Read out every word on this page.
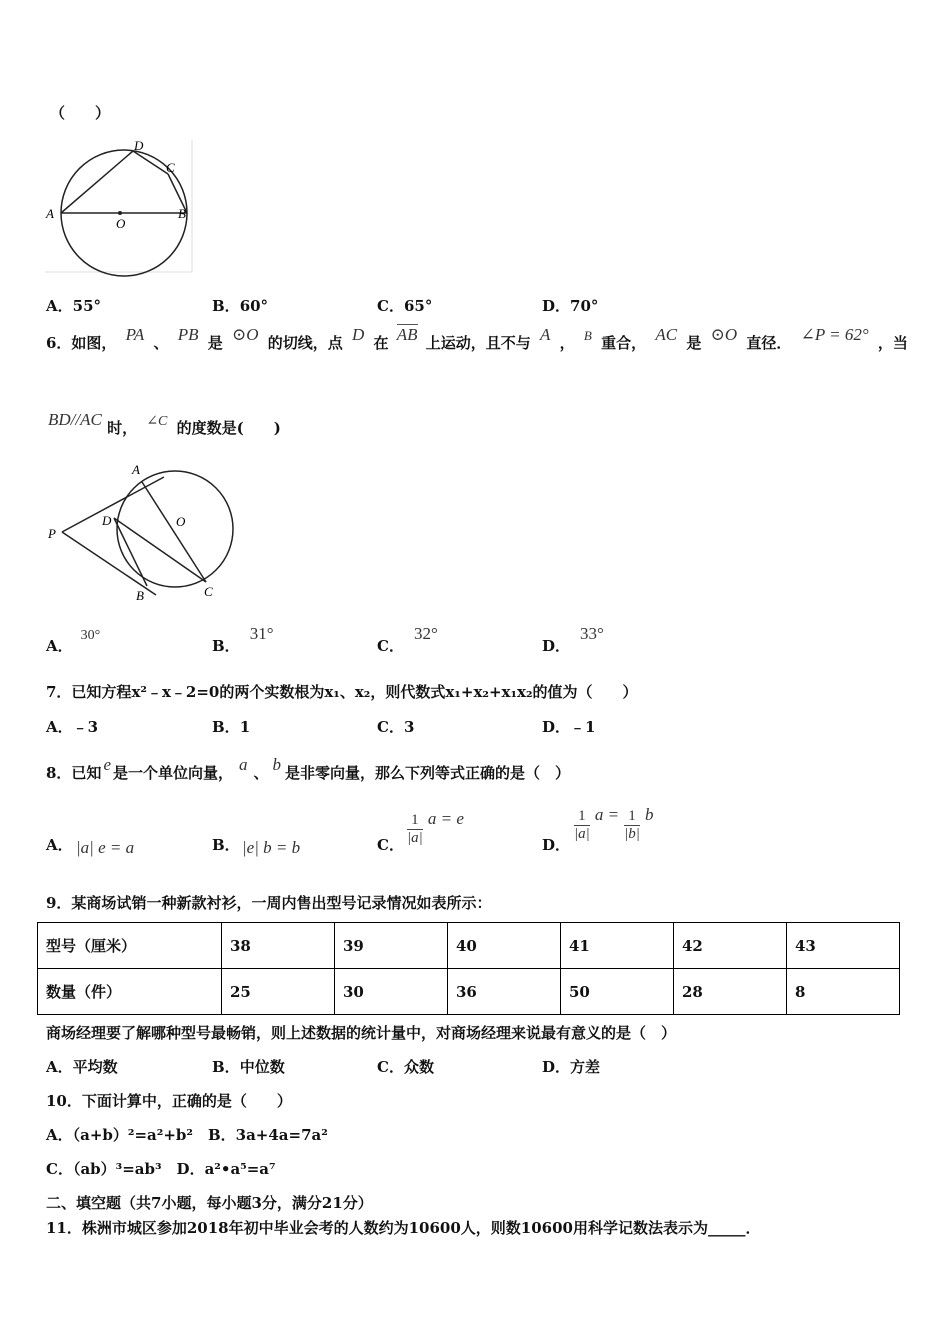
（　　）
A	B
C
D
O
A．55°	B．60°	C．65°	D．70°
6．如图， PA 、 PB 是 ⊙O 的切线，点 D 在 AB 上运动，且不与 A ， B 重合， AC 是 ⊙O 直径． ∠P = 62° ，当
BD//AC 时， ∠C 的度数是(　　)
P
A
D	O
B	C
A．30°
B．31°
C．32°
D．33°
7．已知方程x²﹣x﹣2=0的两个实数根为x₁、x₂，则代数式x₁+x₂+x₁x₂的值为（　　）
A．﹣3	B．1	C．3	D．﹣1
8．已知 e 是一个单位向量， a 、 b 是非零向量，那么下列等式正确的是（　）
A． |a| e = a	B． |e| b = b	C． $\frac{1}{|a|}$ a = e
D．
$\frac{1}{|a|}$ $a = \frac{1}{|b|}$ b
9．某商场试销一种新款衬衫，一周内售出型号记录情况如表所示：
型号（厘米）	38	39	40	41	42	43
数量（件）	25	30	36	50	28	8
商场经理要了解哪种型号最畅销，则上述数据的统计量中，对商场经理来说最有意义的是（　）
A．平均数	B．中位数	C．众数	D．方差
10．下面计算中，正确的是（　　）
A．（a+b）²=a²+b²　B．3a+4a=7a²
C．（ab）³=ab³　D．a²•a⁵=a⁷
二、填空题（共7小题，每小题3分，满分21分）
11．株洲市城区参加2018年初中毕业会考的人数约为10600人，则数10600用科学记数法表示为_____．
